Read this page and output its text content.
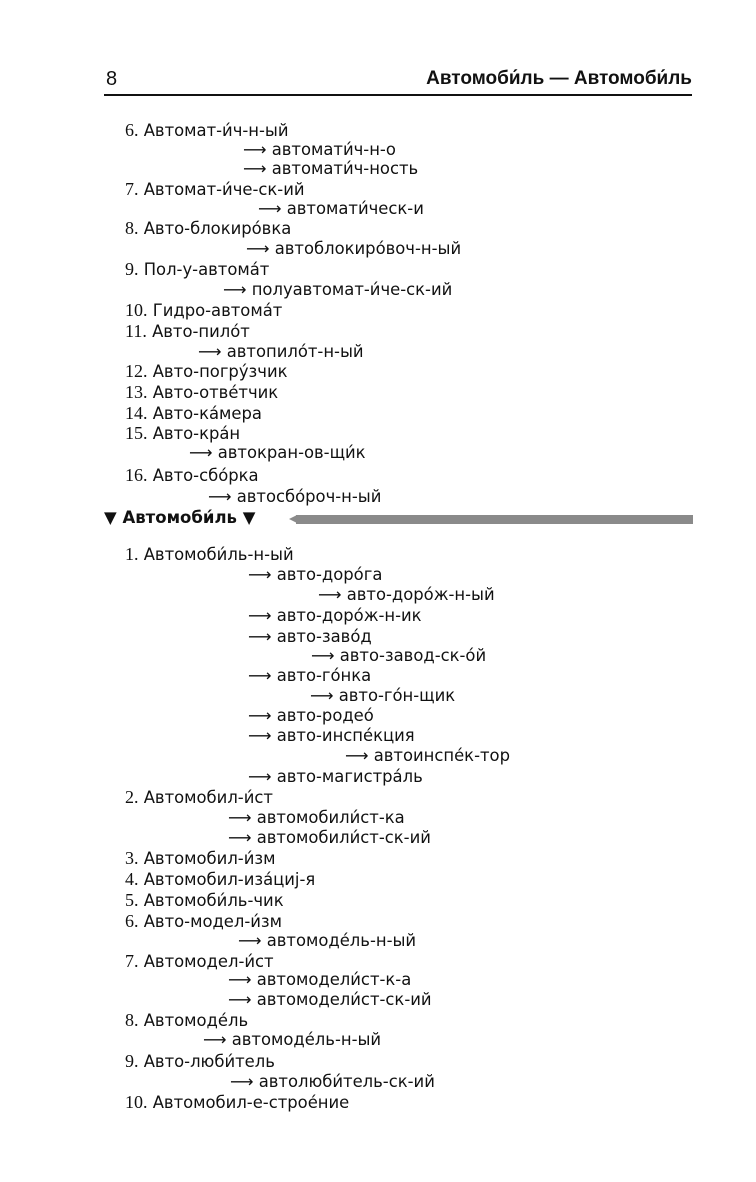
8	Автомоби́ль — Автомоби́ль
▼ Автомоби́ль ▼
6. Автомат-и́ч-н-ый
⟶ автомати́ч-н-о
⟶ автомати́ч-ность
7. Автомат-и́че-ск-ий
⟶ автомати́ческ-и
8. Авто-блокиро́вка
⟶ автоблокиро́воч-н-ый
9. Пол-у-автома́т
⟶ полуавтомат-и́че-ск-ий
10. Гидро-автома́т
11. Авто-пило́т
⟶ автопило́т-н-ый
12. Авто-погру́зчик
13. Авто-отве́тчик
14. Авто-ка́мера
15. Авто-кра́н
⟶ автокран-ов-щи́к
16. Авто-сбо́рка
⟶ автосбо́роч-н-ый
1. Автомоби́ль-н-ый
⟶ авто-доро́га
⟶ авто-доро́ж-н-ый
⟶ авто-доро́ж-н-ик
⟶ авто-заво́д
⟶ авто-завод-ск-о́й
⟶ авто-го́нка
⟶ авто-го́н-щик
⟶ авто-родео́
⟶ авто-инспе́кция
⟶ автоинспе́к-тор
⟶ авто-магистра́ль
2. Автомобил-и́ст
⟶ автомобили́ст-ка
⟶ автомобили́ст-ск-ий
3. Автомобил-и́зм
4. Автомобил-иза́циj-я
5. Автомоби́ль-чик
6. Авто-модел-и́зм
⟶ автомоде́ль-н-ый
7. Автомодел-и́ст
⟶ автомодели́ст-к-а
⟶ автомодели́ст-ск-ий
8. Автомоде́ль
⟶ автомоде́ль-н-ый
9. Авто-люби́тель
⟶ автолюби́тель-ск-ий
10. Автомобил-е-строе́ние
